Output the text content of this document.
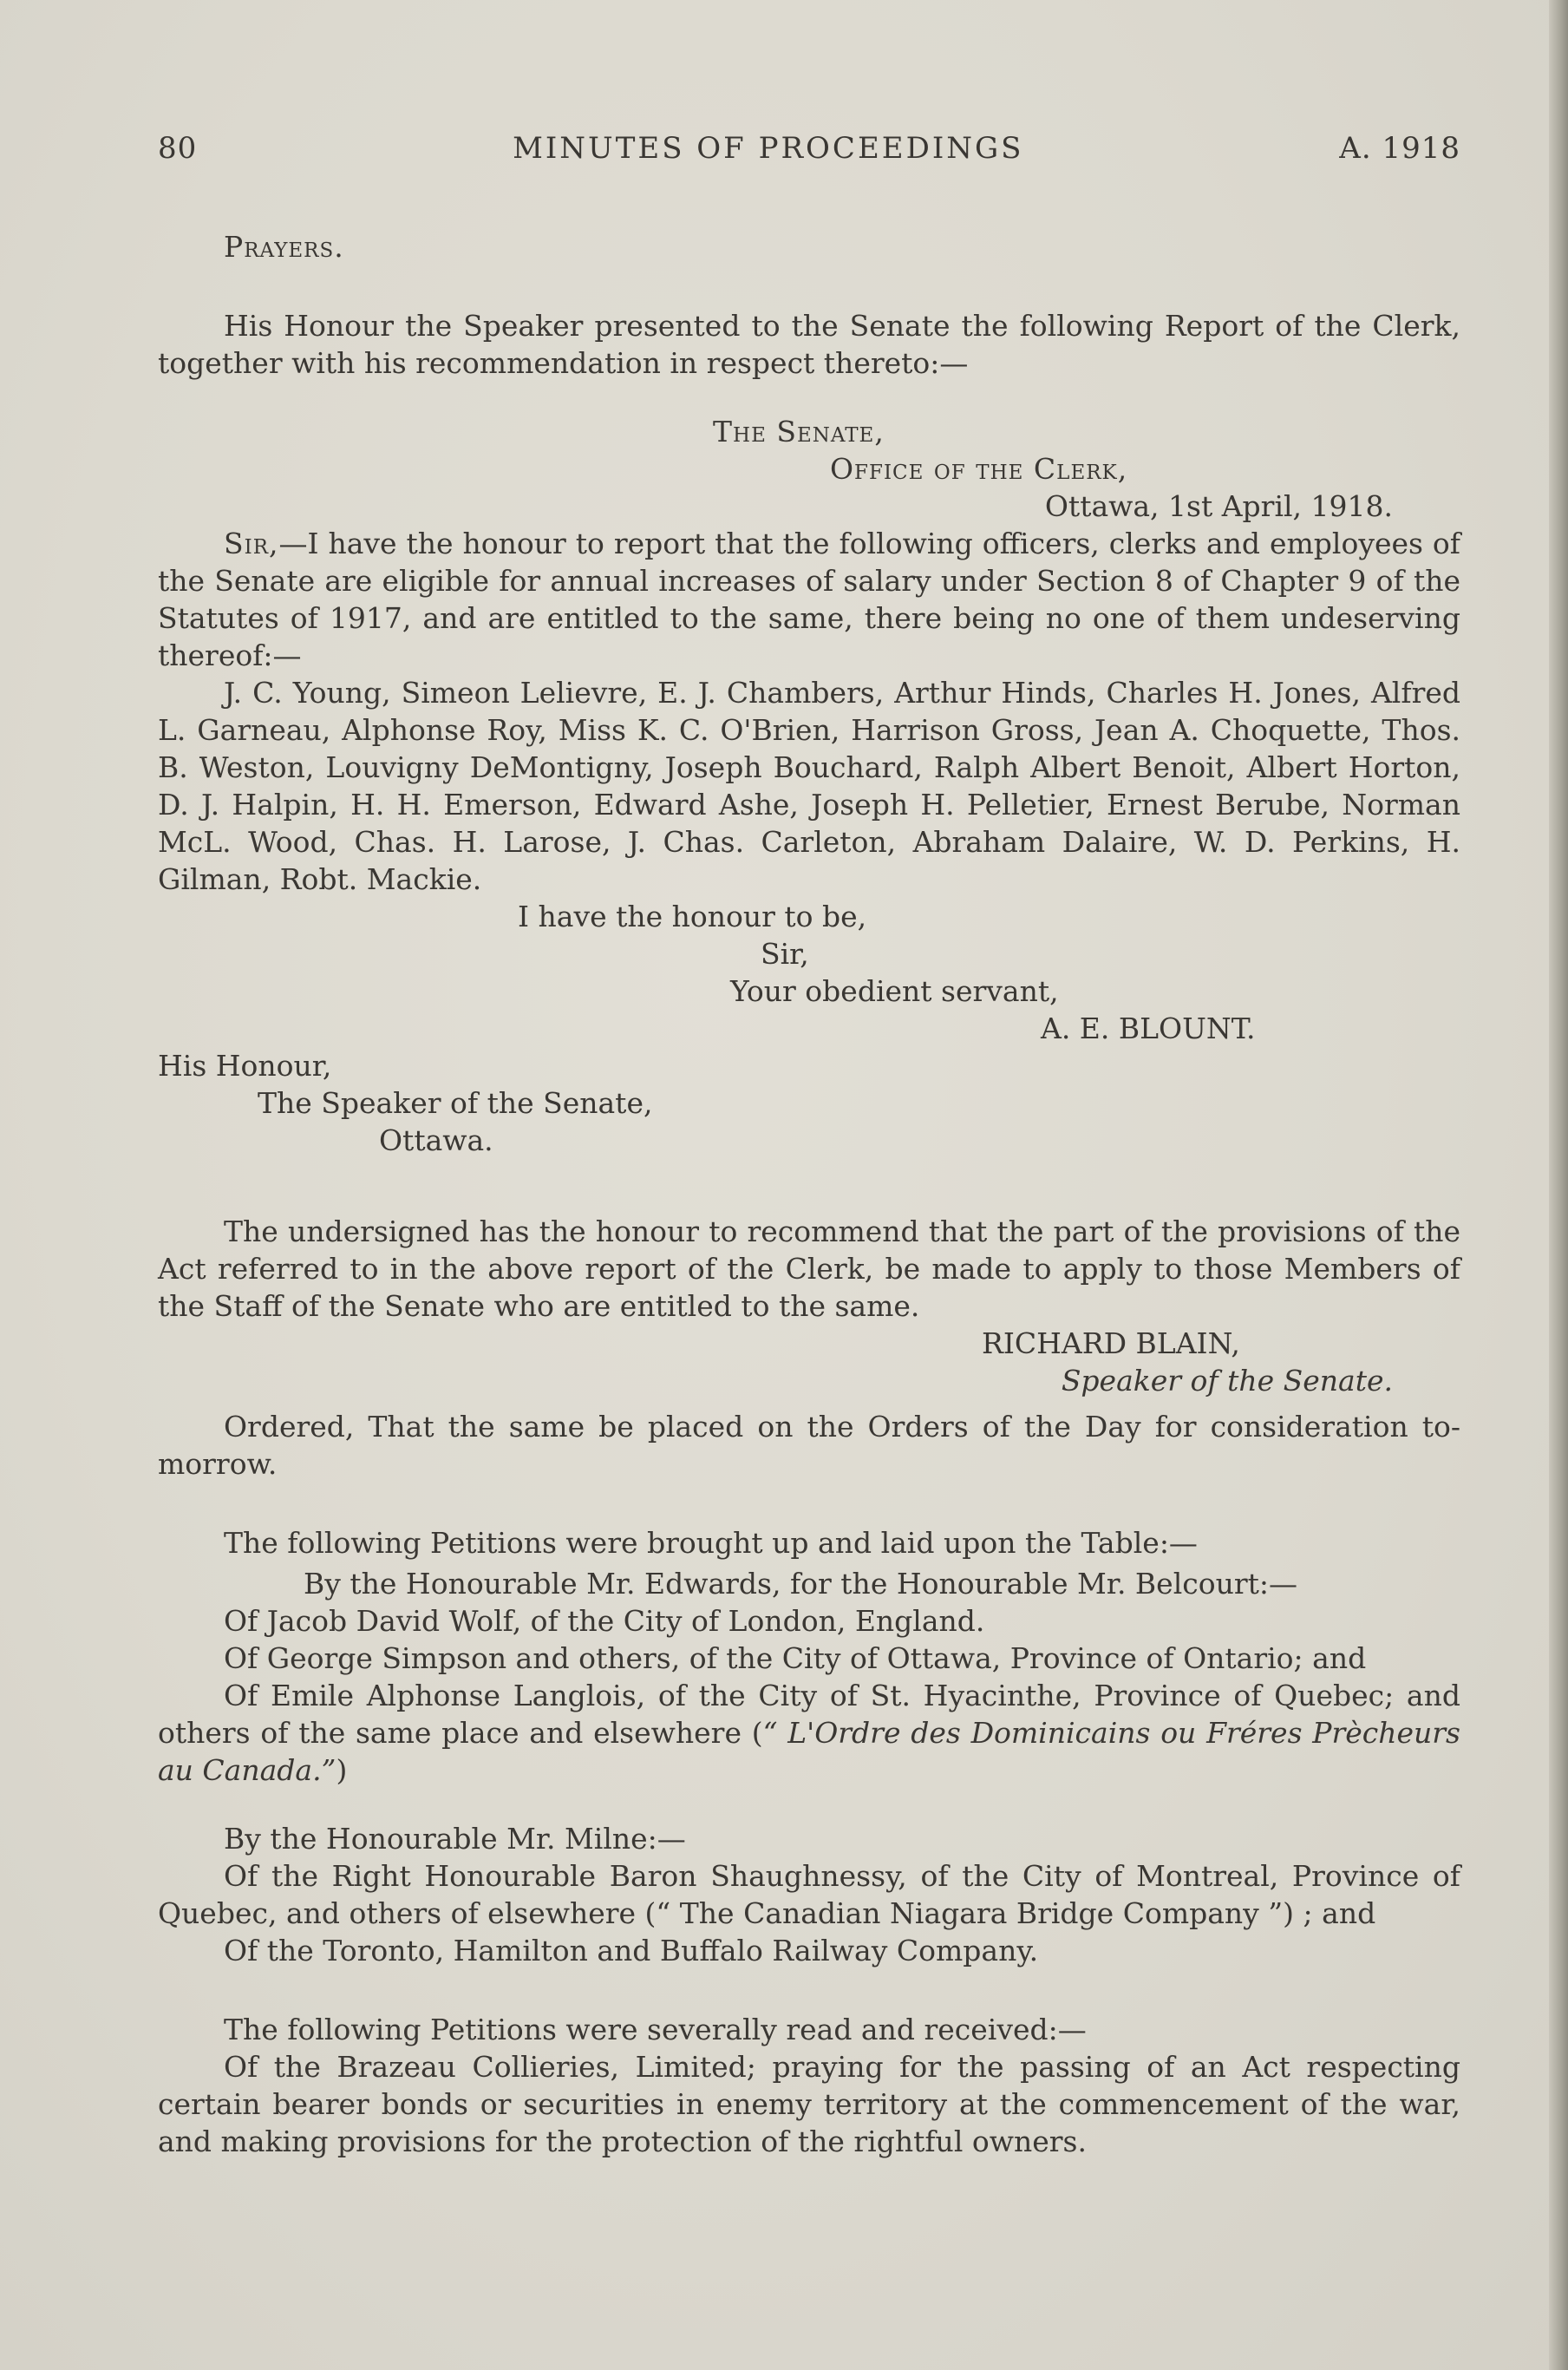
80	MINUTES OF PROCEEDINGS	A. 1918

Prayers.

His Honour the Speaker presented to the Senate the following Report of the Clerk, together with his recommendation in respect thereto:—

The Senate,
Office of the Clerk,
Ottawa, 1st April, 1918.

Sir,—I have the honour to report that the following officers, clerks and employees of the Senate are eligible for annual increases of salary under Section 8 of Chapter 9 of the Statutes of 1917, and are entitled to the same, there being no one of them undeserving thereof:—

J. C. Young, Simeon Lelievre, E. J. Chambers, Arthur Hinds, Charles H. Jones, Alfred L. Garneau, Alphonse Roy, Miss K. C. O'Brien, Harrison Gross, Jean A. Choquette, Thos. B. Weston, Louvigny DeMontigny, Joseph Bouchard, Ralph Albert Benoit, Albert Horton, D. J. Halpin, H. H. Emerson, Edward Ashe, Joseph H. Pelletier, Ernest Berube, Norman McL. Wood, Chas. H. Larose, J. Chas. Carleton, Abraham Dalaire, W. D. Perkins, H. Gilman, Robt. Mackie.

I have the honour to be,
Sir,
Your obedient servant,
A. E. BLOUNT.
His Honour,
The Speaker of the Senate,
Ottawa.

The undersigned has the honour to recommend that the part of the provisions of the Act referred to in the above report of the Clerk, be made to apply to those Members of the Staff of the Senate who are entitled to the same.

RICHARD BLAIN,
Speaker of the Senate.

Ordered, That the same be placed on the Orders of the Day for consideration to-morrow.

The following Petitions were brought up and laid upon the Table:—

By the Honourable Mr. Edwards, for the Honourable Mr. Belcourt:—

Of Jacob David Wolf, of the City of London, England.

Of George Simpson and others, of the City of Ottawa, Province of Ontario; and

Of Emile Alphonse Langlois, of the City of St. Hyacinthe, Province of Quebec; and others of the same place and elsewhere (“ L'Ordre des Dominicains ou Fréres Prècheurs au Canada.”)

By the Honourable Mr. Milne:—

Of the Right Honourable Baron Shaughnessy, of the City of Montreal, Province of Quebec, and others of elsewhere (“ The Canadian Niagara Bridge Company ”) ; and

Of the Toronto, Hamilton and Buffalo Railway Company.

The following Petitions were severally read and received:—

Of the Brazeau Collieries, Limited; praying for the passing of an Act respecting certain bearer bonds or securities in enemy territory at the commencement of the war, and making provisions for the protection of the rightful owners.
